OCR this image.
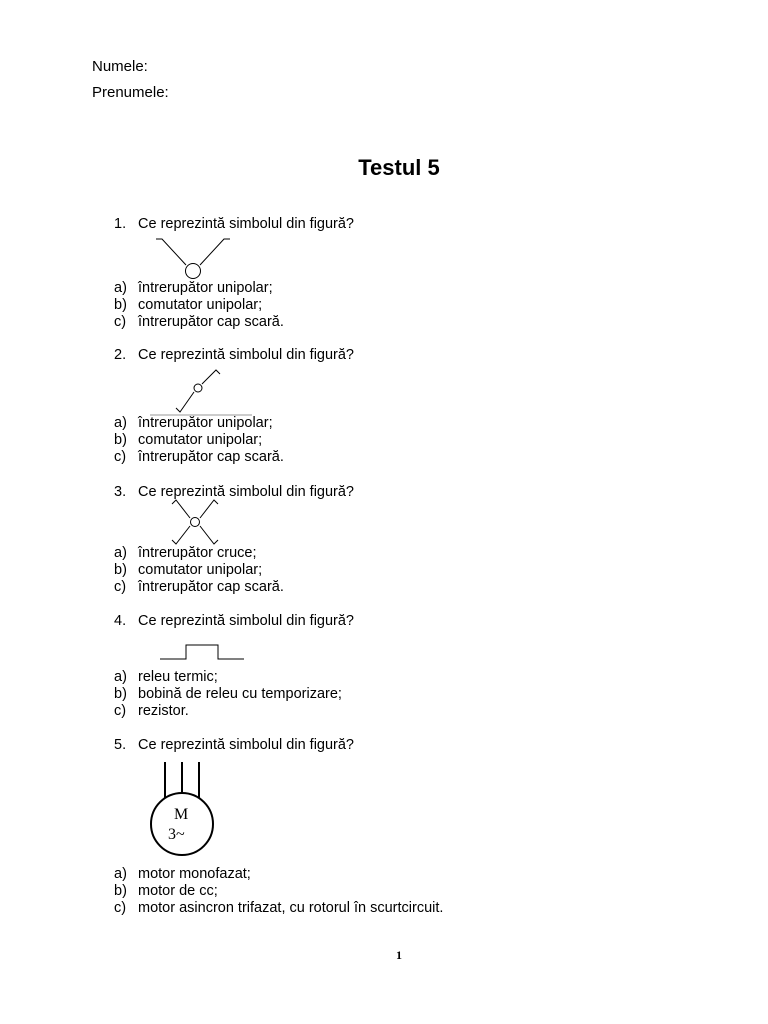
Numele:
Prenumele:
Testul 5
1. Ce reprezintă simbolul din figură?
a) întrerupător unipolar;
b) comutator unipolar;
c) întrerupător cap scară.
2. Ce reprezintă simbolul din figură?
a) întrerupător unipolar;
b) comutator unipolar;
c) întrerupător cap scară.
3. Ce reprezintă simbolul din figură?
a) întrerupător cruce;
b) comutator unipolar;
c) întrerupător cap scară.
4. Ce reprezintă simbolul din figură?
a) releu termic;
b) bobină de releu cu temporizare;
c) rezistor.
5. Ce reprezintă simbolul din figură?
M
3~
a) motor monofazat;
b) motor de cc;
c) motor asincron trifazat, cu rotorul în scurtcircuit.
1
